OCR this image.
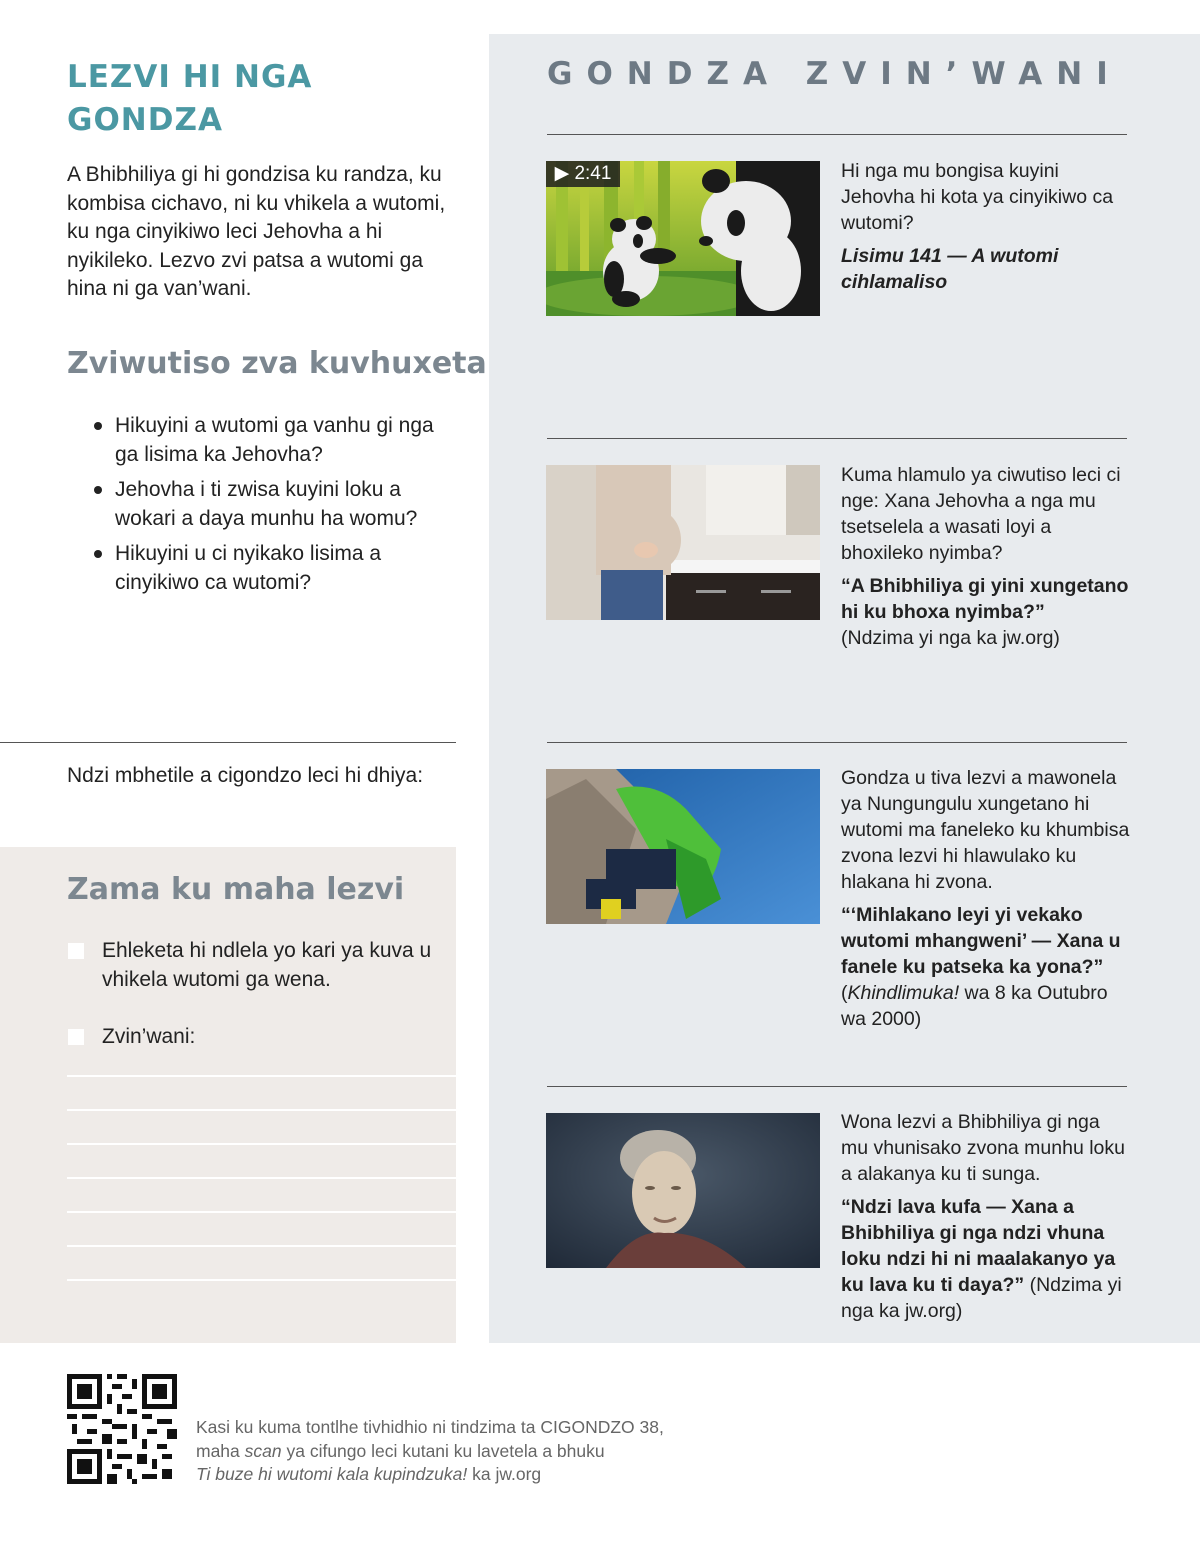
LEZVI HI NGA
GONDZA

A Bhibhiliya gi hi gondzisa ku randza, ku kombisa cichavo, ni ku vhikela a wutomi, ku nga cinyikiwo leci Jehovha a hi nyikileko. Lezvo zvi patsa a wutomi ga hina ni ga van’wani.

Zviwutiso zva kuvhuxeta
Hikuyini a wutomi ga vanhu gi nga ga lisima ka Jehovha?
Jehovha i ti zwisa kuyini loku a wokari a daya munhu ha womu?
Hikuyini u ci nyikako lisima a cinyikiwo ca wutomi?
Ndzi mbhetile a cigondzo leci hi dhiya:
Zama ku maha lezvi
Ehleketa hi ndlela yo kari ya kuva u vhikela wutomi ga wena.
Zvin’wani:
GONDZA ZVIN’WANI
▶ 2:41	Hi nga mu bongisa kuyini Jehovha hi kota ya cinyikiwo ca wutomi?

Lisimu 141 — A wutomi cihlamaliso

Kuma hlamulo ya ciwutiso leci ci nge: Xana Jehovha a nga mu tsetselela a wasati loyi a bhoxileko nyimba?

“A Bhibhiliya gi yini xungetano hi ku bhoxa nyimba?”
(Ndzima yi nga ka jw.org)

Gondza u tiva lezvi a mawonela ya Nungungulu xungetano hi wutomi ma faneleko ku khumbisa zvona lezvi hi hlawulako ku hlakana hi zvona.

“‘Mihlakano leyi yi vekako wutomi mhangweni’ — Xana u fanele ku patseka ka yona?”
(Khindlimuka! wa 8 ka Outubro wa 2000)

Wona lezvi a Bhibhiliya gi nga mu vhunisako zvona munhu loku a alakanya ku ti sunga.

“Ndzi lava kufa — Xana a Bhibhiliya gi nga ndzi vhuna loku ndzi hi ni maalakanyo ya ku lava ku ti daya?” (Ndzima yi nga ka jw.org)

Kasi ku kuma tontlhe tivhidhio ni tindzima ta CIGONDZO 38,
maha scan ya cifungo leci kutani ku lavetela a bhuku
Ti buze hi wutomi kala kupindzuka! ka jw.org
